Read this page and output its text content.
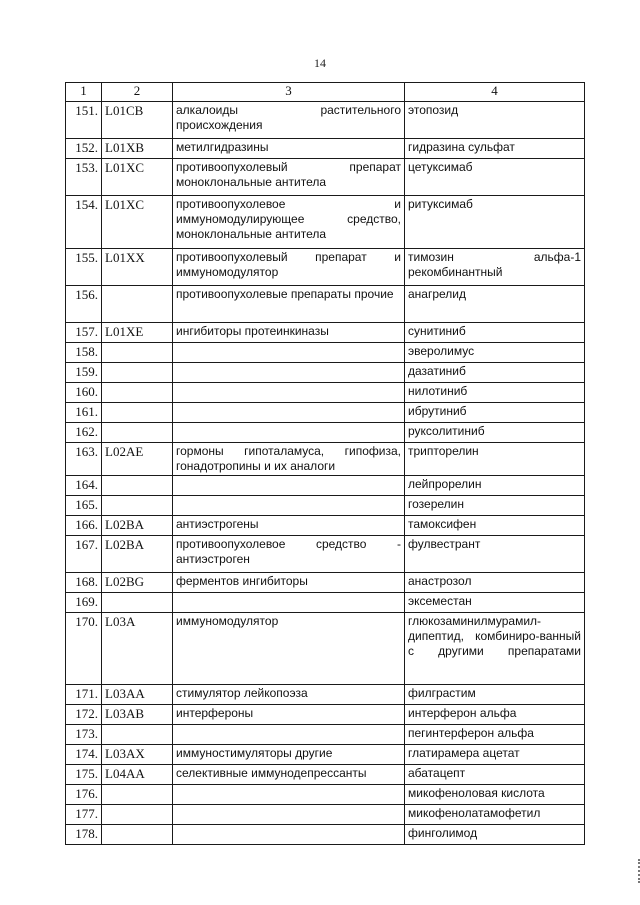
14
1	2	3	4
151.	L01CB	алкалоиды растительного происхождения	этопозид
152.	L01XB	метилгидразины	гидразина сульфат
153.	L01XC	противоопухолевый препарат моноклональные антитела	цетуксимаб
154.	L01XC	противоопухолевое и иммуномодулирующее средство, моноклональные антитела	ритуксимаб
155.	L01XX	противоопухолевый препарат и иммуномодулятор	тимозин альфа-1 рекомбинантный
156.		противоопухолевые препараты прочие	анагрелид
157.	L01XE	ингибиторы протеинкиназы	сунитиниб
158.			эверолимус
159.			дазатиниб
160.			нилотиниб
161.			ибрутиниб
162.			руксолитиниб
163.	L02AE	гормоны гипоталамуса, гипофиза, гонадотропины и их аналоги	трипторелин
164.			лейпрорелин
165.			гозерелин
166.	L02BA	антиэстрогены	тамоксифен
167.	L02BA	противоопухолевое средство - антиэстроген	фулвестрант
168.	L02BG	ферментов ингибиторы	анастрозол
169.			эксеместан
170.	L03A	иммуномодулятор	глюкозаминилмурамил-дипептид, комбиниро-ванный с другими препаратами
171.	L03AA	стимулятор лейкопоэза	филграстим
172.	L03AB	интерфероны	интерферон альфа
173.			пегинтерферон альфа
174.	L03AX	иммуностимуляторы другие	глатирамера ацетат
175.	L04AA	селективные иммунодепрессанты	абатацепт
176.			микофеноловая кислота
177.			микофенолатамофетил
178.			финголимод
